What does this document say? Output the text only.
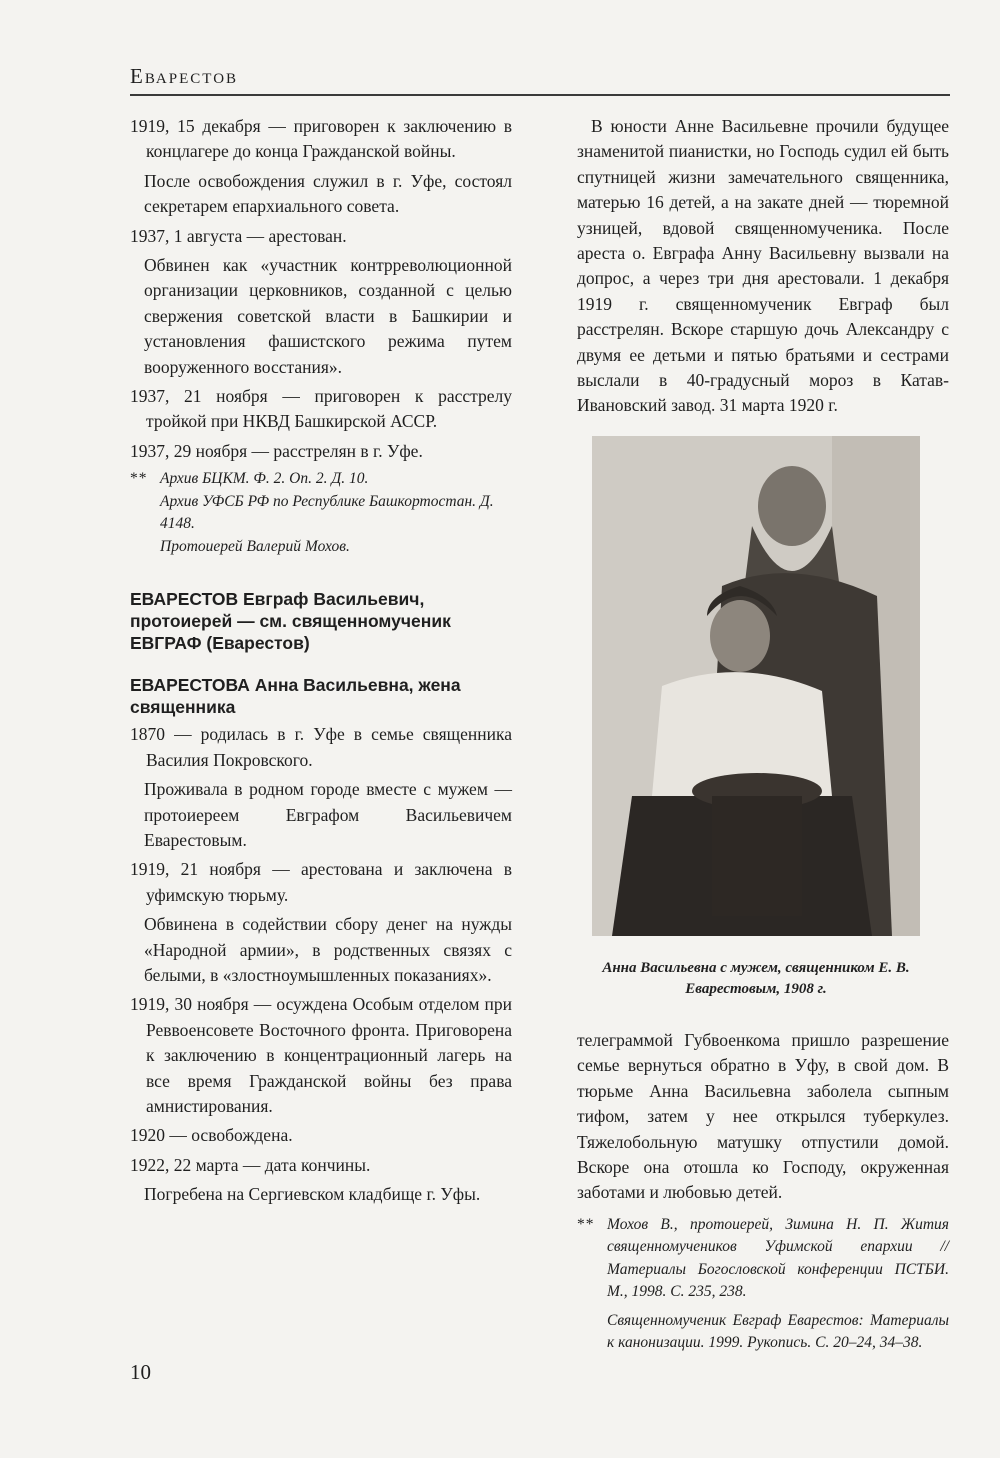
Еварестов

1919, 15 декабря — приговорен к заключению в концлагере до конца Гражданской войны.

После освобождения служил в г. Уфе, состоял секретарем епархиального совета.

1937, 1 августа — арестован.

Обвинен как «участник контрреволюционной организации церковников, созданной с целью свержения советской власти в Башкирии и установления фашистского режима путем вооруженного восстания».

1937, 21 ноября — приговорен к расстрелу тройкой при НКВД Башкирской АССР.

1937, 29 ноября — расстрелян в г. Уфе.

** Архив БЦКМ. Ф. 2. Оп. 2. Д. 10.
Архив УФСБ РФ по Республике Башкортостан. Д. 4148.
Протоиерей Валерий Мохов.

ЕВАРЕСТОВ Евграф Васильевич, протоиерей — см. священномученик ЕВГРАФ (Еварестов)

ЕВАРЕСТОВА Анна Васильевна, жена священника

1870 — родилась в г. Уфе в семье священника Василия Покровского.

Проживала в родном городе вместе с мужем — протоиереем Евграфом Васильевичем Еварестовым.

1919, 21 ноября — арестована и заключена в уфимскую тюрьму.

Обвинена в содействии сбору денег на нужды «Народной армии», в родственных связях с белыми, в «злостноумышленных показаниях».

1919, 30 ноября — осуждена Особым отделом при Реввоенсовете Восточного фронта. Приговорена к заключению в концентрационный лагерь на все время Гражданской войны без права амнистирования.

1920 — освобождена.

1922, 22 марта — дата кончины.

Погребена на Сергиевском кладбище г. Уфы.

В юности Анне Васильевне прочили будущее знаменитой пианистки, но Господь судил ей быть спутницей жизни замечательного священника, матерью 16 детей, а на закате дней — тюремной узницей, вдовой священномученика. После ареста о. Евграфа Анну Васильевну вызвали на допрос, а через три дня арестовали. 1 декабря 1919 г. священномученик Евграф был расстрелян. Вскоре старшую дочь Александру с двумя ее детьми и пятью братьями и сестрами выслали в 40-градусный мороз в Катав-Ивановский завод. 31 марта 1920 г.

Анна Васильевна с мужем, священником Е. В. Еварестовым, 1908 г.

телеграммой Губвоенкома пришло разрешение семье вернуться обратно в Уфу, в свой дом. В тюрьме Анна Васильевна заболела сыпным тифом, затем у нее открылся туберкулез. Тяжелобольную матушку отпустили домой. Вскоре она отошла ко Господу, окруженная заботами и любовью детей.

** Мохов В., протоиерей, Зимина Н. П. Жития священномучеников Уфимской епархии // Материалы Богословской конференции ПСТБИ. М., 1998. С. 235, 238.
Священномученик Евграф Еварестов: Материалы к канонизации. 1999. Рукопись. С. 20–24, 34–38.
10
